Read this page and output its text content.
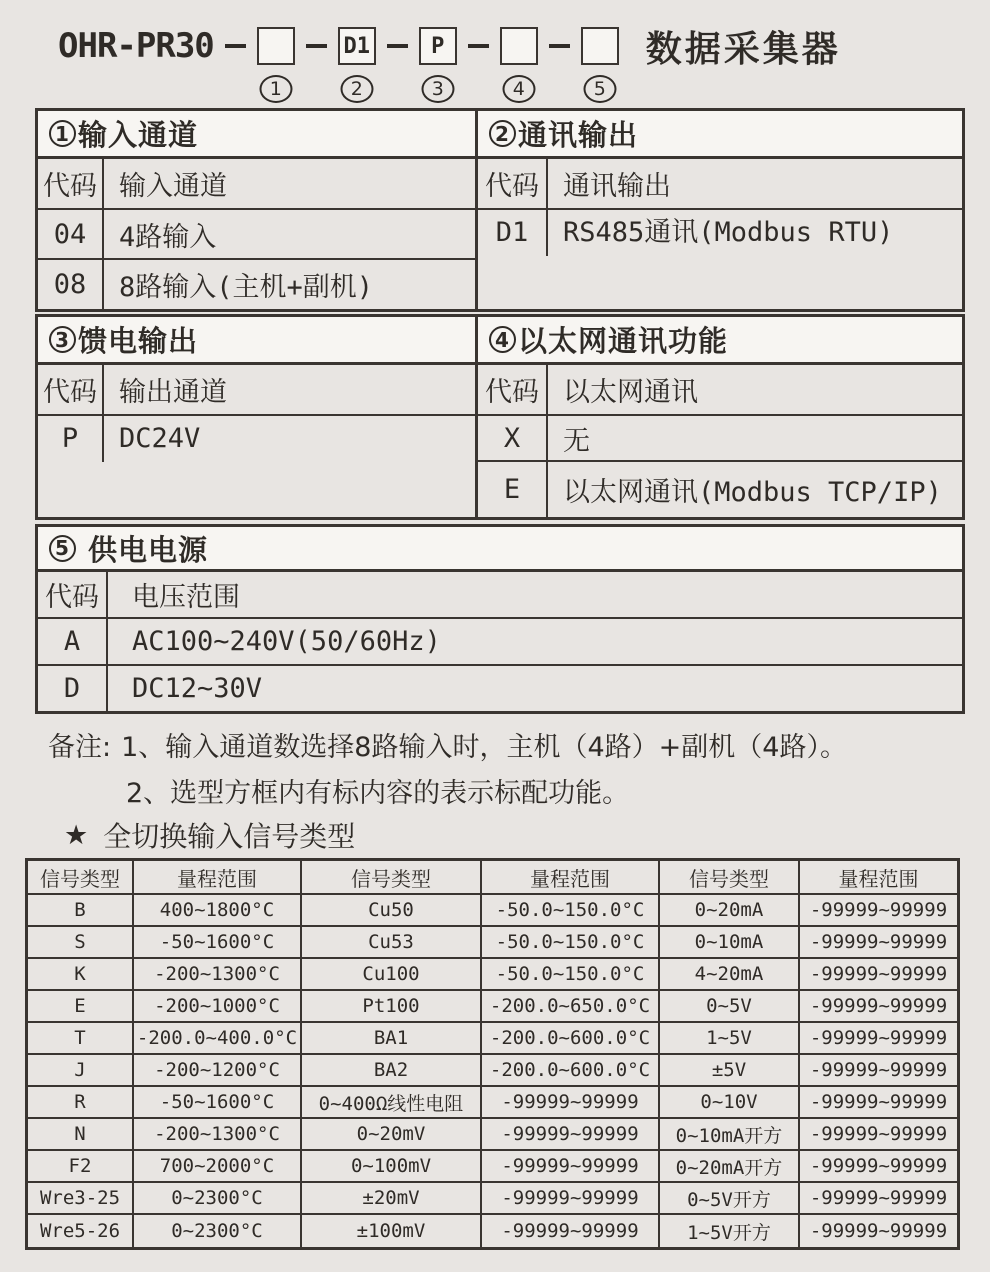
OHR-PR30
1
D1
2
P
3	4	5
数据采集器
1 输入通道
代码 输入通道
04	4路输入
08	8路输入(主机+副机)
2 通讯输出
代码 通讯输出
D1	RS485通讯(Modbus RTU)
3 馈电输出
代码 输出通道
P	DC24V
4 以太网通讯功能
代码 以太网通讯
X	无
E	以太网通讯(Modbus TCP/IP)
5 供电电源
代码	电压范围
A	AC100~240V(50/60Hz)
D	DC12~30V
备注: 1、输入通道数选择8路输入时，主机（4路）+副机（4路）。
2、选型方框内有标内容的表示标配功能。
★ 全切换输入信号类型
信号类型	量程范围	信号类型	量程范围	信号类型	量程范围
B	400~1800°C	Cu50	-50.0~150.0°C	0~20mA	-99999~99999
S	-50~1600°C	Cu53	-50.0~150.0°C	0~10mA	-99999~99999
K	-200~1300°C	Cu100	-50.0~150.0°C	4~20mA	-99999~99999
E	-200~1000°C	Pt100	-200.0~650.0°C	0~5V	-99999~99999
T	-200.0~400.0°C	BA1	-200.0~600.0°C	1~5V	-99999~99999
J	-200~1200°C	BA2	-200.0~600.0°C	±5V	-99999~99999
R	-50~1600°C	0~400Ω线性电阻	-99999~99999	0~10V	-99999~99999
N	-200~1300°C	0~20mV	-99999~99999	0~10mA开方	-99999~99999
F2	700~2000°C	0~100mV	-99999~99999	0~20mA开方	-99999~99999
Wre3-25	0~2300°C	±20mV	-99999~99999	0~5V开方	-99999~99999
Wre5-26	0~2300°C	±100mV	-99999~99999	1~5V开方	-99999~99999
